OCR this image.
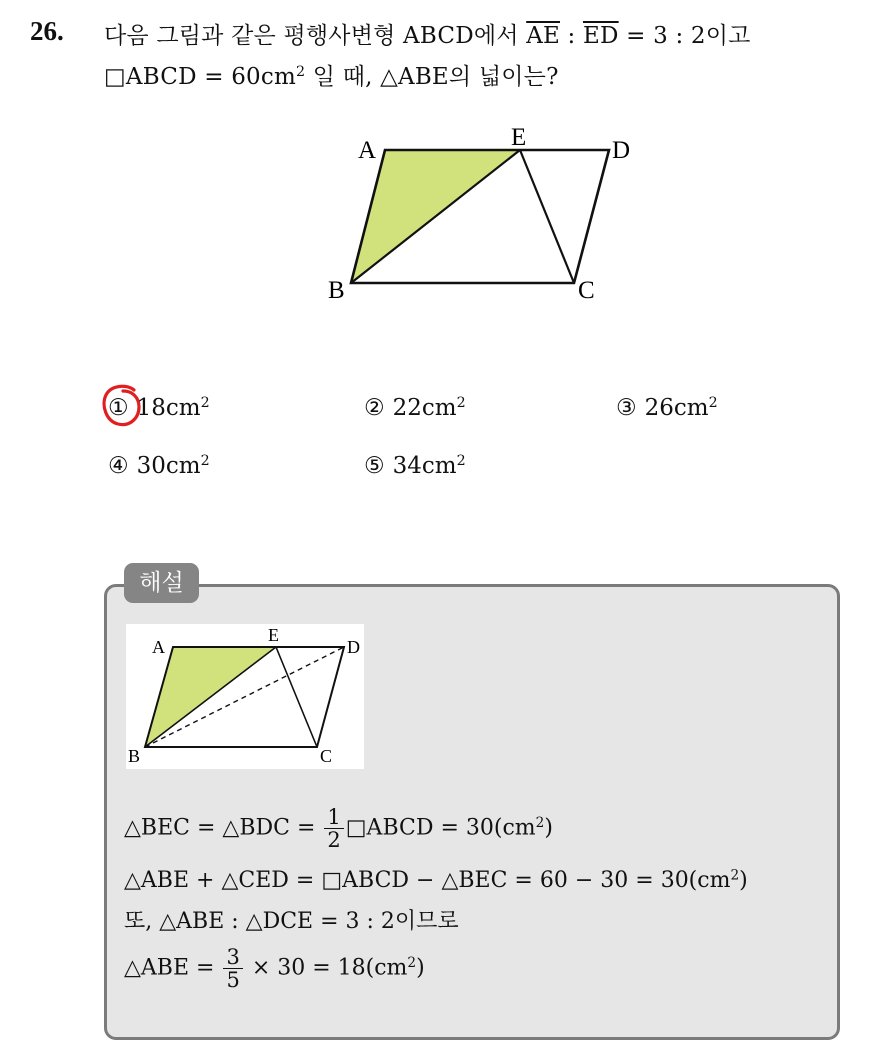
26. 다음 그림과 같은 평행사변형 ABCD에서 $\overline{AE}$ : $\overline{ED} = 3$ : 2이고
□ABCD = $60cm^2$ 일 때, △ABE의 넓이는?
A	E	D
B	C
① $18cm^2$	② $22cm^2$	③ $26cm^2$
④ $30cm^2$	⑤ $34cm^2$
해설
A
E
D
B	C
△BEC = △BDC = $\frac{1}{2}$ □ABCD = $30(cm^2)$
△ABE + △CED = □ABCD − △BEC = $60 - 30 = 30(cm^2)$
또, △ABE : △DCE = 3 : 2이므로
△ABE = $\frac{3}{5} \times 30 = 18(cm^2)$
